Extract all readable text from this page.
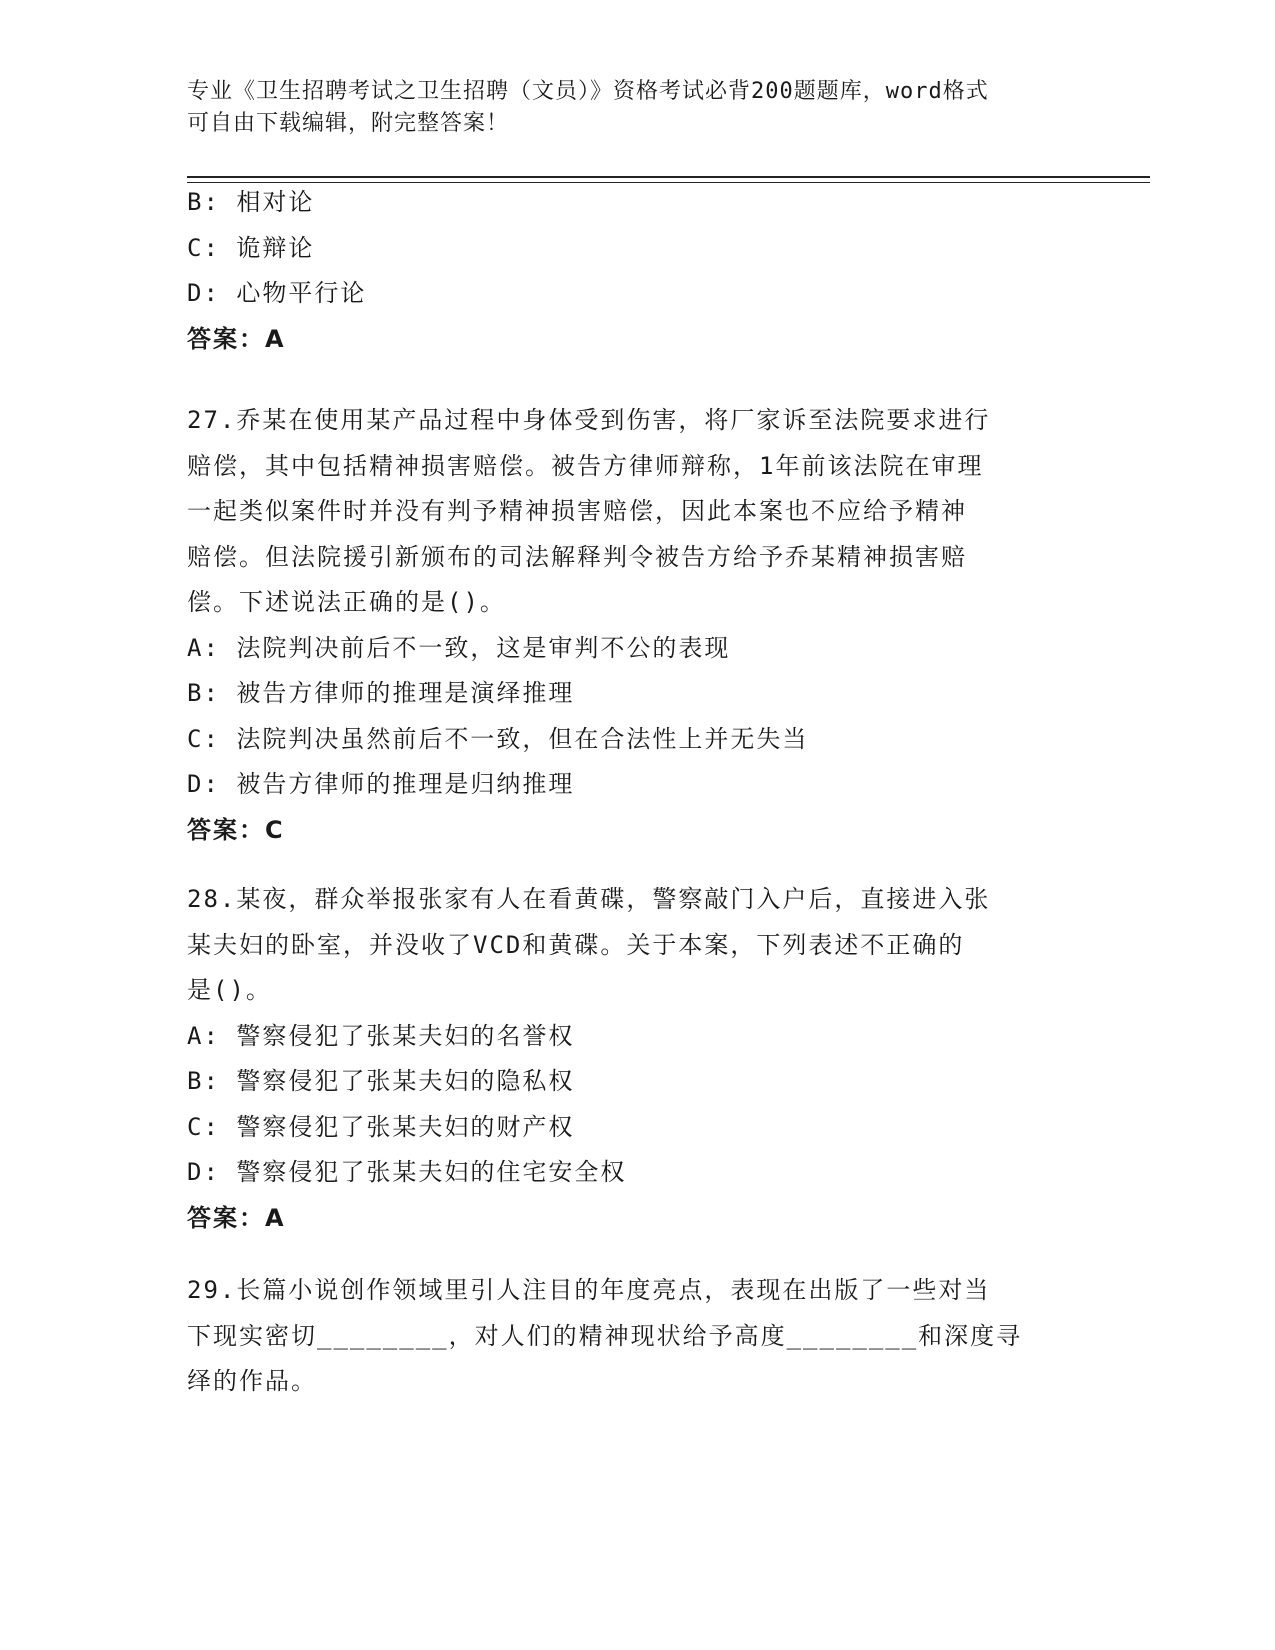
专业《卫生招聘考试之卫生招聘（文员）》资格考试必背200题题库，word格式
可自由下载编辑，附完整答案！
B: 相对论
C: 诡辩论
D: 心物平行论
答案：A
27.乔某在使用某产品过程中身体受到伤害，将厂家诉至法院要求进行
赔偿，其中包括精神损害赔偿。被告方律师辩称，1年前该法院在审理
一起类似案件时并没有判予精神损害赔偿，因此本案也不应给予精神
赔偿。但法院援引新颁布的司法解释判令被告方给予乔某精神损害赔
偿。下述说法正确的是()。
A: 法院判决前后不一致，这是审判不公的表现
B: 被告方律师的推理是演绎推理
C: 法院判决虽然前后不一致，但在合法性上并无失当
D: 被告方律师的推理是归纳推理
答案：C
28.某夜，群众举报张家有人在看黄碟，警察敲门入户后，直接进入张
某夫妇的卧室，并没收了VCD和黄碟。关于本案，下列表述不正确的
是()。
A: 警察侵犯了张某夫妇的名誉权
B: 警察侵犯了张某夫妇的隐私权
C: 警察侵犯了张某夫妇的财产权
D: 警察侵犯了张某夫妇的住宅安全权
答案：A
29.长篇小说创作领域里引人注目的年度亮点，表现在出版了一些对当
下现实密切________，对人们的精神现状给予高度________和深度寻
绎的作品。
